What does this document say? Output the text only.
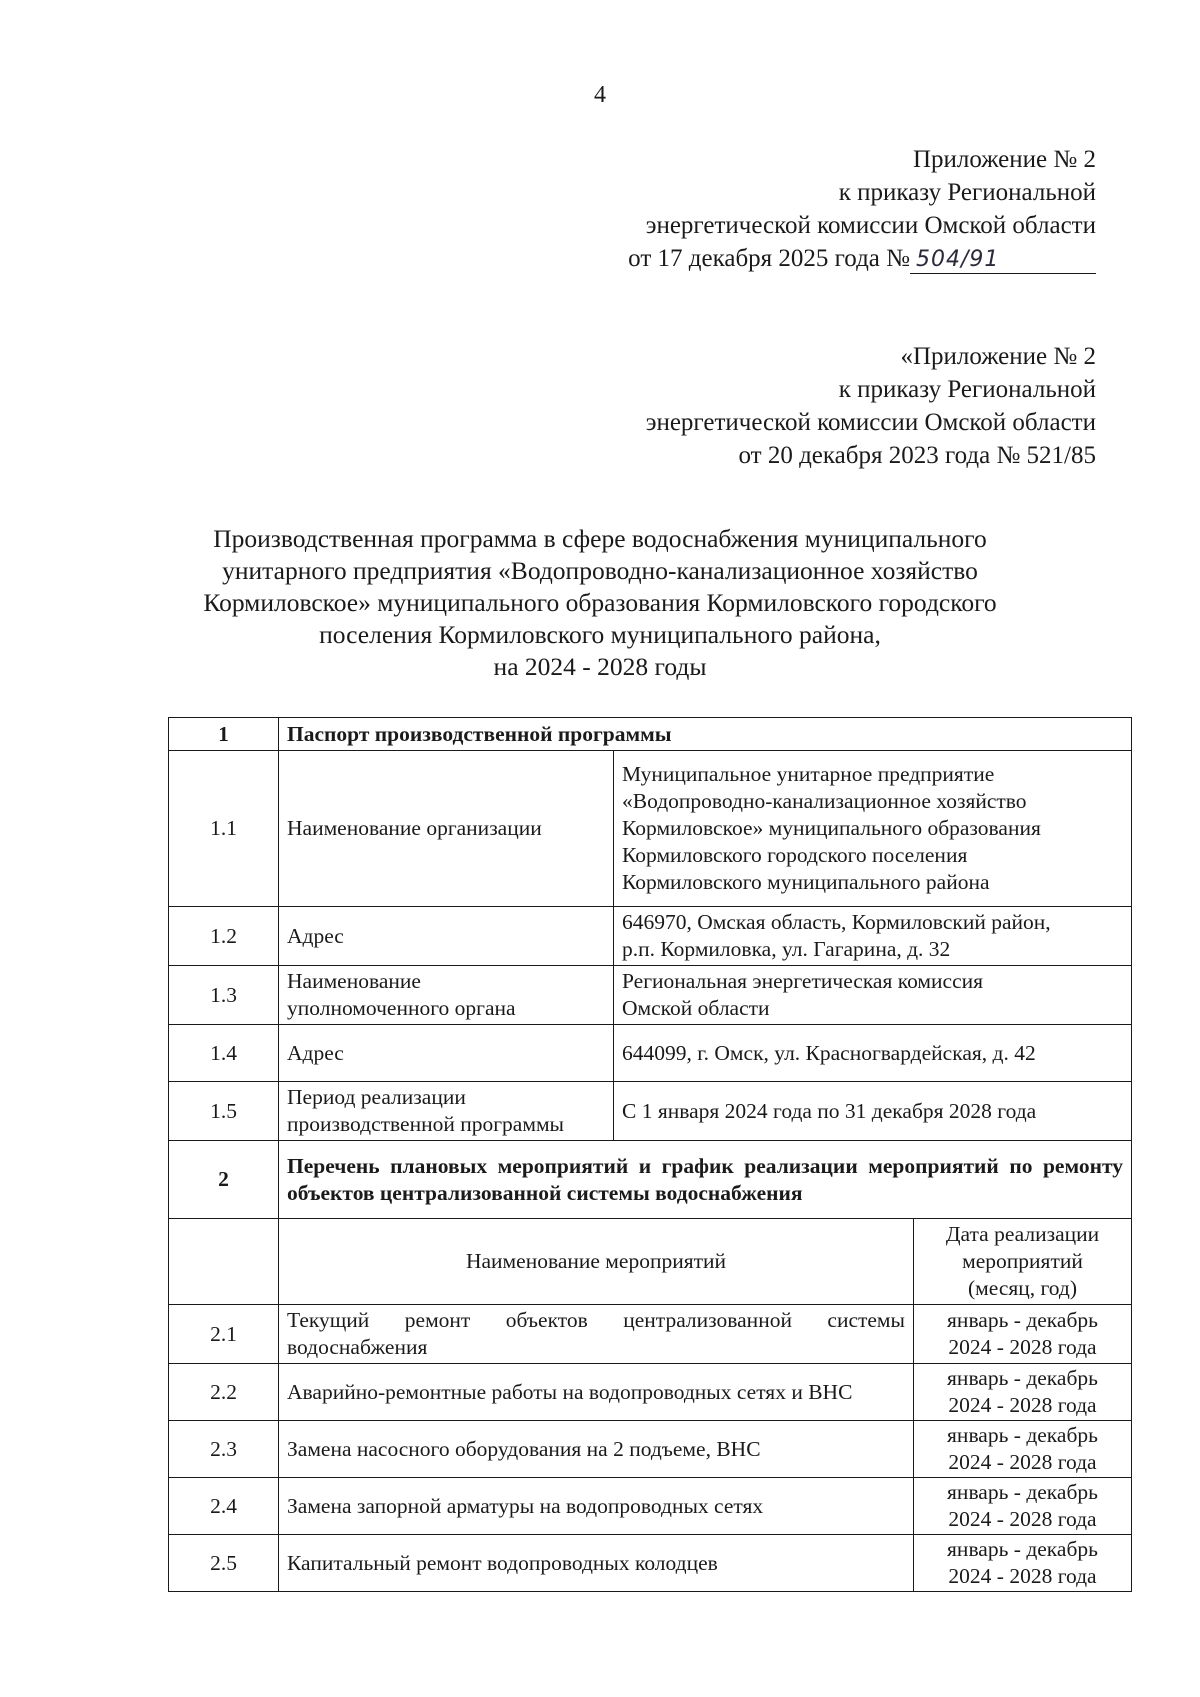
4
Приложение № 2
к приказу Региональной
энергетической комиссии Омской области
от 17 декабря 2025 года № 504/91
«Приложение № 2
к приказу Региональной
энергетической комиссии Омской области
от 20 декабря 2023 года № 521/85
Производственная программа в сфере водоснабжения муниципального
унитарного предприятия «Водопроводно-канализационное хозяйство
Кормиловское» муниципального образования Кормиловского городского
поселения Кормиловского муниципального района,
на 2024 - 2028 годы
1	Паспорт производственной программы		
1.1	Наименование организации	Муниципальное унитарное предприятие
«Водопроводно-канализационное хозяйство
Кормиловское» муниципального образования
Кормиловского городского поселения
Кормиловского муниципального района	

1.2	Адрес	646970, Омская область, Кормиловский район,
р.п. Кормиловка, ул. Гагарина, д. 32	

1.3	Наименование
уполномоченного органа	Региональная энергетическая комиссия
Омской области	

1.4	Адрес	644099, г. Омск, ул. Красногвардейская, д. 42	
1.5	Период реализации
производственной программы	С 1 января 2024 года по 31 декабря 2028 года	
2	Перечень плановых мероприятий и график реализации мероприятий по ремонту объектов централизованной системы водоснабжения		
	Наименование мероприятий		Дата реализации
мероприятий
(месяц, год)

2.1	Текущий ремонт объектов централизованной системы водоснабжения		январь - декабрь
2024 - 2028 года

2.2	Аварийно-ремонтные работы на водопроводных сетях и ВНС		январь - декабрь
2024 - 2028 года

2.3	Замена насосного оборудования на 2 подъеме, ВНС		январь - декабрь
2024 - 2028 года

2.4	Замена запорной арматуры на водопроводных сетях		январь - декабрь
2024 - 2028 года

2.5	Капитальный ремонт водопроводных колодцев		январь - декабрь
2024 - 2028 года
